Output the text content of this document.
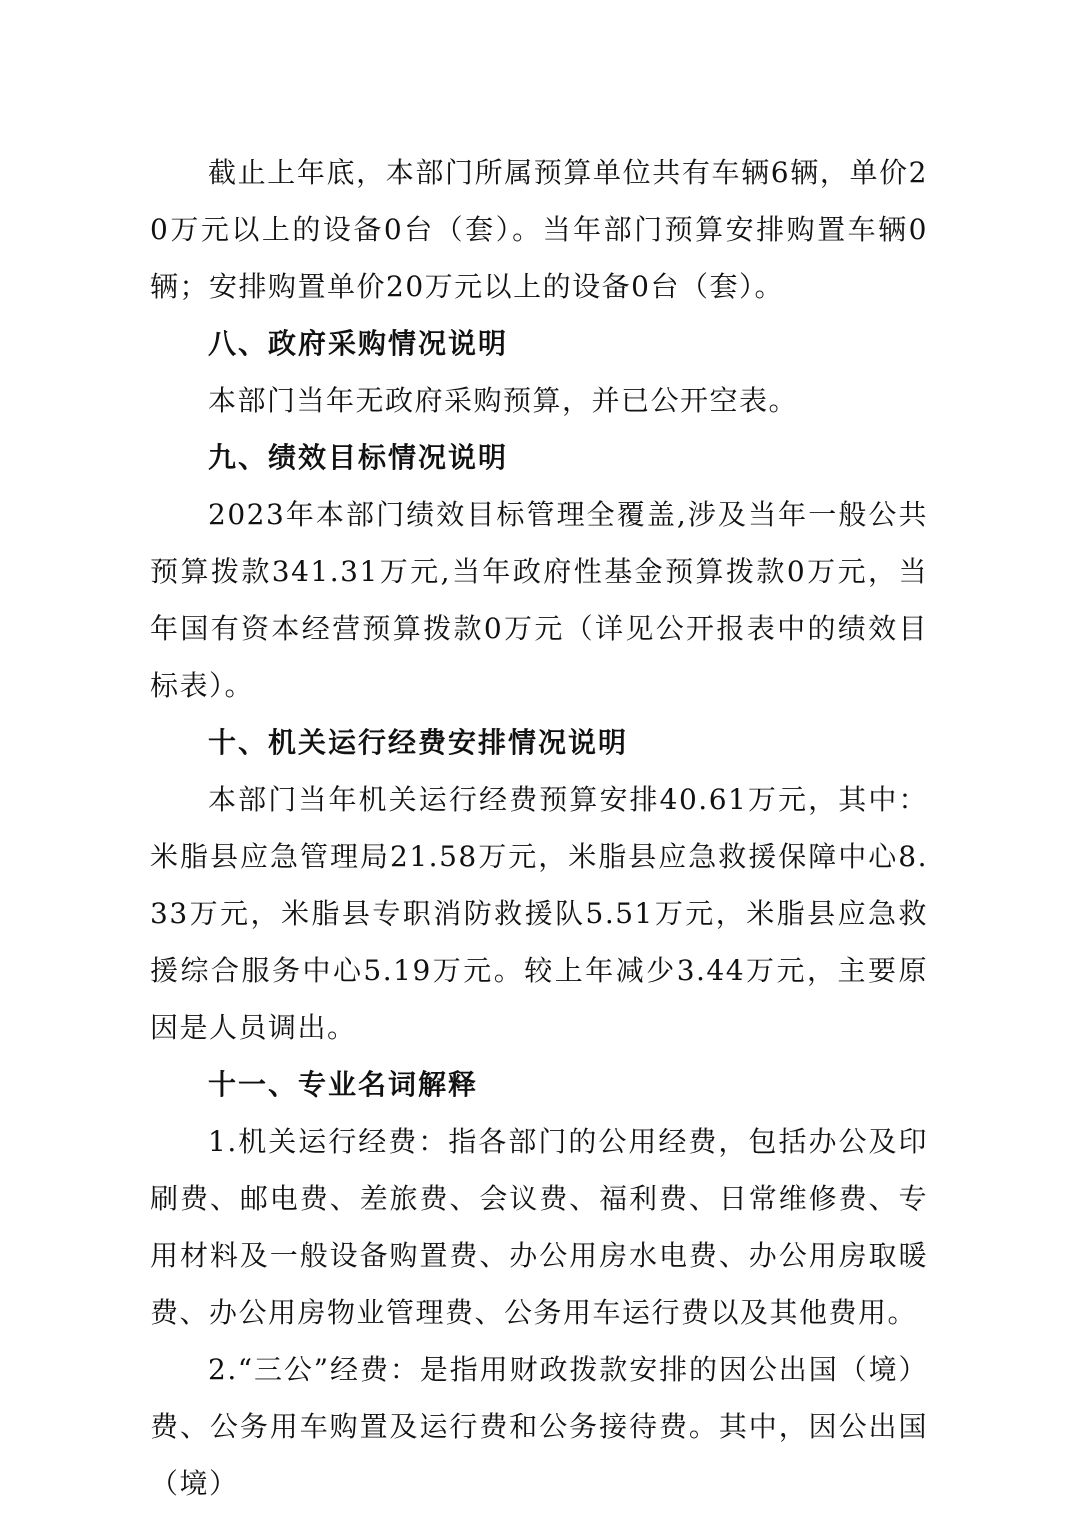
截止上年底，本部门所属预算单位共有车辆6辆，单价20万元以上的设备0台（套）。当年部门预算安排购置车辆0辆；安排购置单价20万元以上的设备0台（套）。

八、政府采购情况说明

本部门当年无政府采购预算，并已公开空表。

九、绩效目标情况说明

2023年本部门绩效目标管理全覆盖,涉及当年一般公共预算拨款341.31万元,当年政府性基金预算拨款0万元，当年国有资本经营预算拨款0万元（详见公开报表中的绩效目标表）。

十、机关运行经费安排情况说明

本部门当年机关运行经费预算安排40.61万元，其中：米脂县应急管理局21.58万元，米脂县应急救援保障中心8.33万元，米脂县专职消防救援队5.51万元，米脂县应急救援综合服务中心5.19万元。较上年减少3.44万元，主要原因是人员调出。

十一、专业名词解释

1.机关运行经费：指各部门的公用经费，包括办公及印刷费、邮电费、差旅费、会议费、福利费、日常维修费、专用材料及一般设备购置费、办公用房水电费、办公用房取暖费、办公用房物业管理费、公务用车运行费以及其他费用。

2.“三公”经费：是指用财政拨款安排的因公出国（境）费、公务用车购置及运行费和公务接待费。其中，因公出国（境）
